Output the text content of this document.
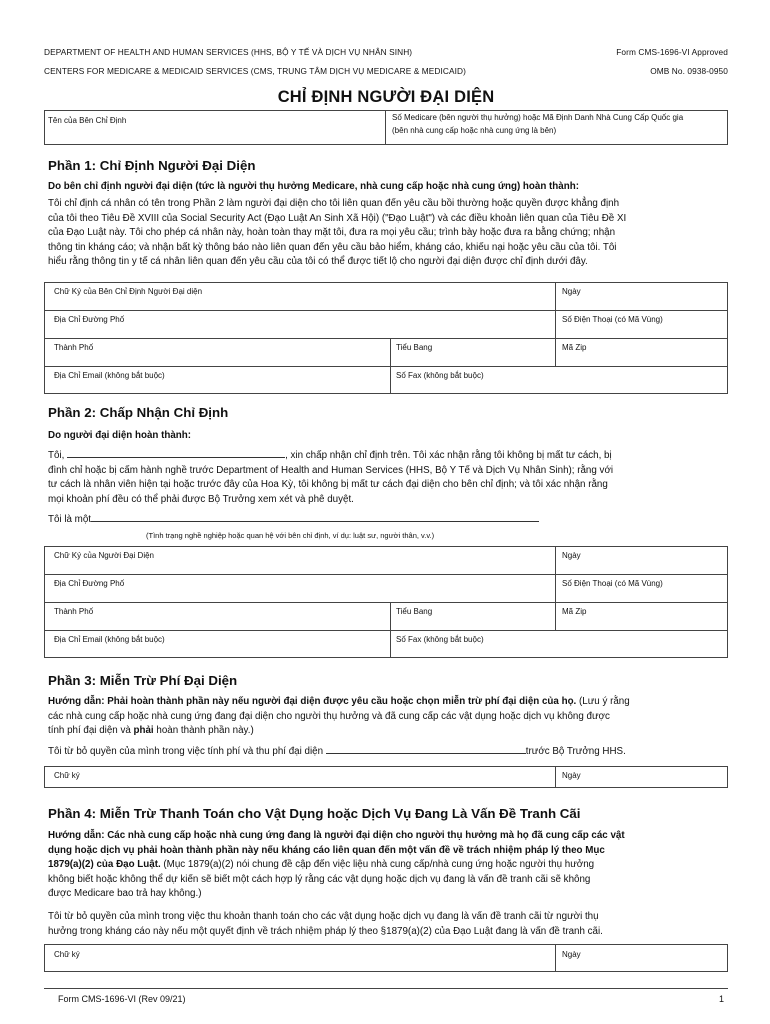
DEPARTMENT OF HEALTH AND HUMAN SERVICES (HHS, BỘ Y TẾ VÀ DỊCH VỤ NHÂN SINH)
CENTERS FOR MEDICARE & MEDICAID SERVICES (CMS, TRUNG TÂM DỊCH VỤ MEDICARE & MEDICAID)
Form CMS-1696-VI Approved
OMB No. 0938-0950
CHỈ ĐỊNH NGƯỜI ĐẠI DIỆN
Tên của Bên Chỉ Định	Số Medicare (bên người thụ hưởng) hoặc Mã Định Danh Nhà Cung Cấp Quốc gia
(bên nhà cung cấp hoặc nhà cung ứng là bên)
Phần 1: Chỉ Định Người Đại Diện
Do bên chỉ định người đại diện (tức là người thụ hưởng Medicare, nhà cung cấp hoặc nhà cung ứng) hoàn thành:
Tôi chỉ định cá nhân có tên trong Phần 2 làm người đại diện cho tôi liên quan đến yêu cầu bồi thường hoặc quyền được khẳng định
của tôi theo Tiêu Đề XVIII của Social Security Act (Đạo Luật An Sinh Xã Hội) ("Đạo Luật") và các điều khoản liên quan của Tiêu Đề XI
của Đạo Luật này. Tôi cho phép cá nhân này, hoàn toàn thay mặt tôi, đưa ra mọi yêu cầu; trình bày hoặc đưa ra bằng chứng; nhận
thông tin kháng cáo; và nhận bất kỳ thông báo nào liên quan đến yêu cầu bảo hiểm, kháng cáo, khiếu nại hoặc yêu cầu của tôi. Tôi
hiểu rằng thông tin y tế cá nhân liên quan đến yêu cầu của tôi có thể được tiết lộ cho người đại diện được chỉ định dưới đây.
Chữ Ký của Bên Chỉ Định Người Đại diện	Ngày
Địa Chỉ Đường Phố	Số Điện Thoại (có Mã Vùng)
Thành Phố	Tiểu Bang	Mã Zip
Địa Chỉ Email (không bắt buộc)	Số Fax (không bắt buộc)
Phần 2: Chấp Nhận Chỉ Định
Do người đại diện hoàn thành:
Tôi,	, xin chấp nhận chỉ định trên. Tôi xác nhận rằng tôi không bị mất tư cách, bị
đình chỉ hoặc bị cấm hành nghề trước Department of Health and Human Services (HHS, Bộ Y Tế và Dịch Vụ Nhân Sinh); rằng với
tư cách là nhân viên hiện tại hoặc trước đây của Hoa Kỳ, tôi không bị mất tư cách đại diện cho bên chỉ định; và tôi xác nhận rằng
mọi khoản phí đều có thể phải được Bộ Trưởng xem xét và phê duyệt.
Tôi là một
(Tình trạng nghề nghiệp hoặc quan hệ với bên chỉ định, ví dụ: luật sư, người thân, v.v.)
Chữ Ký của Người Đại Diện	Ngày
Địa Chỉ Đường Phố	Số Điện Thoại (có Mã Vùng)
Thành Phố	Tiểu Bang	Mã Zip
Địa Chỉ Email (không bắt buộc)	Số Fax (không bắt buộc)
Phần 3: Miễn Trừ Phí Đại Diện
Hướng dẫn: Phải hoàn thành phần này nếu người đại diện được yêu cầu hoặc chọn miễn trừ phí đại diện của họ. (Lưu ý rằng
các nhà cung cấp hoặc nhà cung ứng đang đại diện cho người thụ hưởng và đã cung cấp các vật dụng hoặc dịch vụ không được
tính phí đại diện và phải hoàn thành phần này.)
Tôi từ bỏ quyền của mình trong việc tính phí và thu phí đại diện	trước Bộ Trưởng HHS.
Chữ ký	Ngày
Phần 4: Miễn Trừ Thanh Toán cho Vật Dụng hoặc Dịch Vụ Đang Là Vấn Đề Tranh Cãi
Hướng dẫn: Các nhà cung cấp hoặc nhà cung ứng đang là người đại diện cho người thụ hưởng mà họ đã cung cấp các vật
dụng hoặc dịch vụ phải hoàn thành phần này nếu kháng cáo liên quan đến một vấn đề về trách nhiệm pháp lý theo Mục
1879(a)(2) của Đạo Luật. (Mục 1879(a)(2) nói chung đề cập đến việc liệu nhà cung cấp/nhà cung ứng hoặc người thụ hưởng
không biết hoặc không thể dự kiến sẽ biết một cách hợp lý rằng các vật dụng hoặc dịch vụ đang là vấn đề tranh cãi sẽ không
được Medicare bao trả hay không.)
Tôi từ bỏ quyền của mình trong việc thu khoản thanh toán cho các vật dụng hoặc dịch vụ đang là vấn đề tranh cãi từ người thụ
hưởng trong kháng cáo này nếu một quyết định về trách nhiệm pháp lý theo §1879(a)(2) của Đạo Luật đang là vấn đề tranh cãi.
Chữ ký	Ngày
Form CMS-1696-VI (Rev 09/21)	1
